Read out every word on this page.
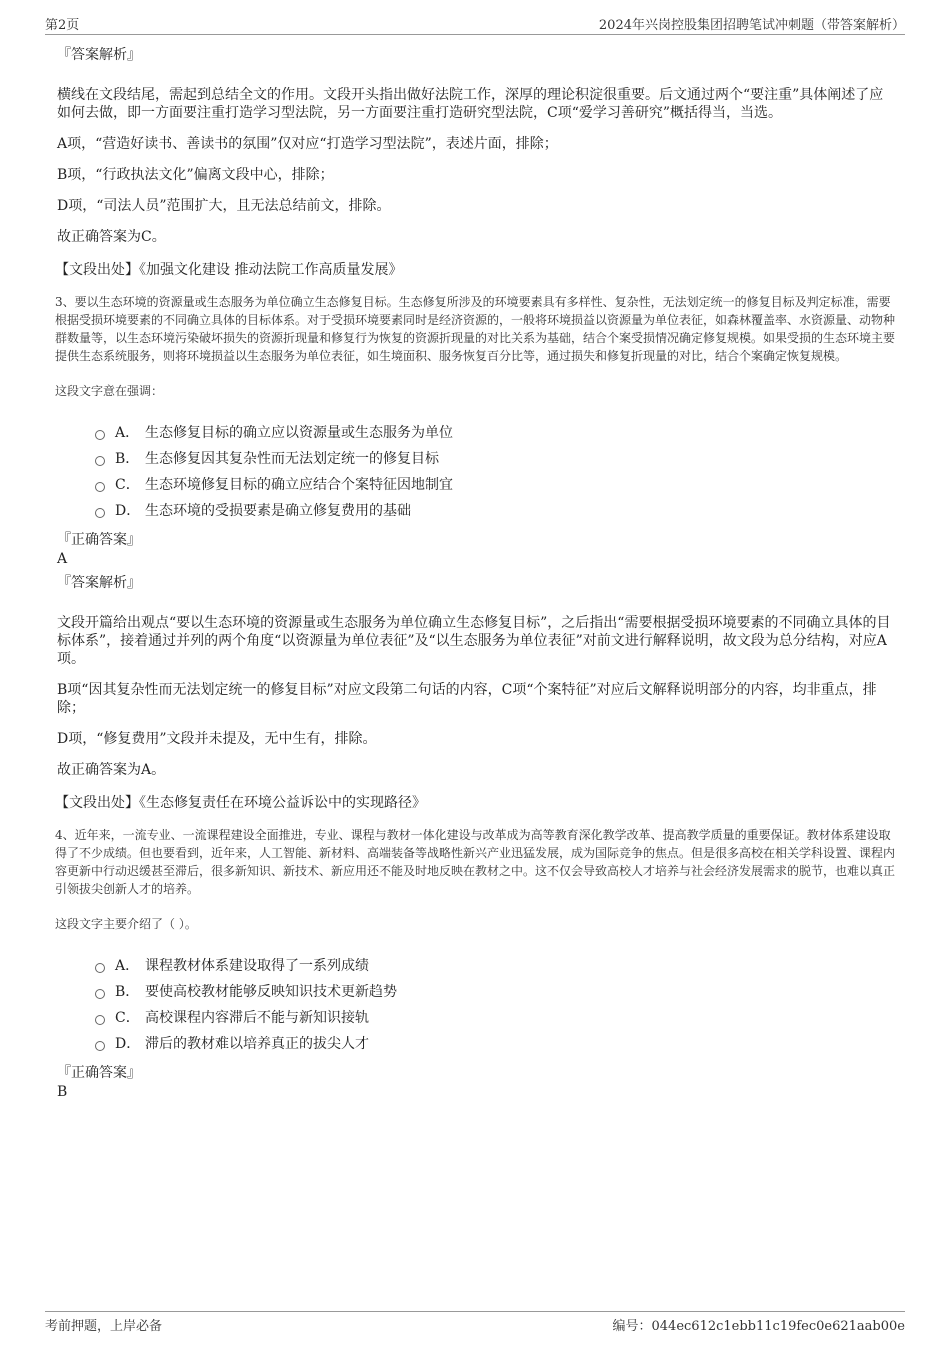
第2页	2024年兴岗控股集团招聘笔试冲刺题（带答案解析）
『答案解析』
横线在文段结尾，需起到总结全文的作用。文段开头指出做好法院工作，深厚的理论积淀很重要。后文通过两个“要注重”具体阐述了应如何去做，即一方面要注重打造学习型法院，另一方面要注重打造研究型法院，C项“爱学习善研究”概括得当，当选。
A项，“营造好读书、善读书的氛围”仅对应“打造学习型法院”，表述片面，排除；
B项，“行政执法文化”偏离文段中心，排除；
D项，“司法人员”范围扩大，且无法总结前文，排除。
故正确答案为C。
【文段出处】《加强文化建设 推动法院工作高质量发展》
3、要以生态环境的资源量或生态服务为单位确立生态修复目标。生态修复所涉及的环境要素具有多样性、复杂性，无法划定统一的修复目标及判定标准，需要根据受损环境要素的不同确立具体的目标体系。对于受损环境要素同时是经济资源的，一般将环境损益以资源量为单位表征，如森林覆盖率、水资源量、动物种群数量等，以生态环境污染破坏损失的资源折现量和修复行为恢复的资源折现量的对比关系为基础，结合个案受损情况确定修复规模。如果受损的生态环境主要提供生态系统服务，则将环境损益以生态服务为单位表征，如生境面积、服务恢复百分比等，通过损失和修复折现量的对比，结合个案确定恢复规模。
这段文字意在强调：
A． 生态修复目标的确立应以资源量或生态服务为单位
B． 生态修复因其复杂性而无法划定统一的修复目标
C． 生态环境修复目标的确立应结合个案特征因地制宜
D． 生态环境的受损要素是确立修复费用的基础
『正确答案』
A
『答案解析』
文段开篇给出观点“要以生态环境的资源量或生态服务为单位确立生态修复目标”，之后指出“需要根据受损环境要素的不同确立具体的目标体系”，接着通过并列的两个角度“以资源量为单位表征”及“以生态服务为单位表征”对前文进行解释说明，故文段为总分结构，对应A项。
B项“因其复杂性而无法划定统一的修复目标”对应文段第二句话的内容，C项“个案特征”对应后文解释说明部分的内容，均非重点，排除；
D项，“修复费用”文段并未提及，无中生有，排除。
故正确答案为A。
【文段出处】《生态修复责任在环境公益诉讼中的实现路径》
4、近年来，一流专业、一流课程建设全面推进，专业、课程与教材一体化建设与改革成为高等教育深化教学改革、提高教学质量的重要保证。教材体系建设取得了不少成绩。但也要看到，近年来，人工智能、新材料、高端装备等战略性新兴产业迅猛发展，成为国际竞争的焦点。但是很多高校在相关学科设置、课程内容更新中行动迟缓甚至滞后，很多新知识、新技术、新应用还不能及时地反映在教材之中。这不仅会导致高校人才培养与社会经济发展需求的脱节，也难以真正引领拔尖创新人才的培养。
这段文字主要介绍了（ ）。
A． 课程教材体系建设取得了一系列成绩
B． 要使高校教材能够反映知识技术更新趋势
C． 高校课程内容滞后不能与新知识接轨
D． 滞后的教材难以培养真正的拔尖人才
『正确答案』
B
考前押题，上岸必备	编号：044ec612c1ebb11c19fec0e621aab00e
